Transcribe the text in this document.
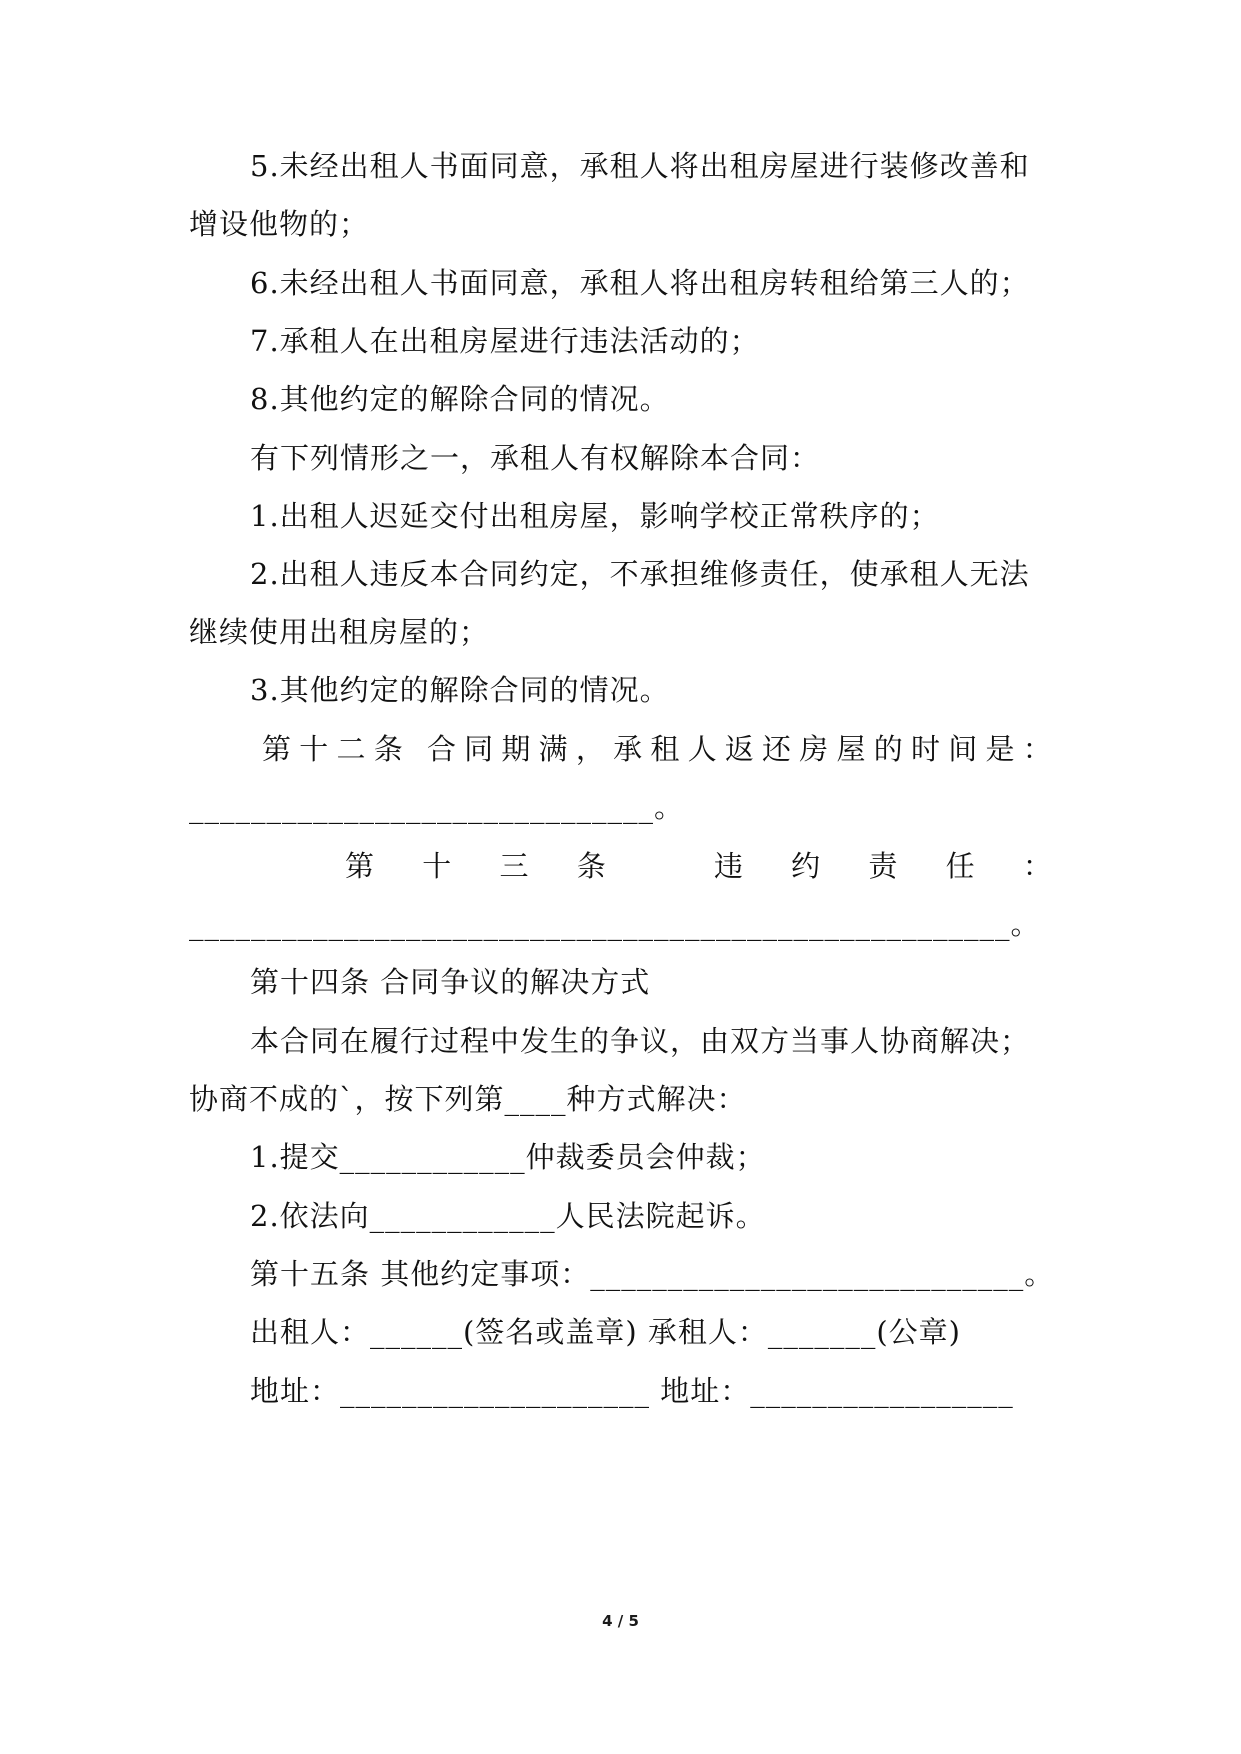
5.未经出租人书面同意，承租人将出租房屋进行装修改善和
增设他物的；
6.未经出租人书面同意，承租人将出租房转租给第三人的；
7.承租人在出租房屋进行违法活动的；
8.其他约定的解除合同的情况。
有下列情形之一，承租人有权解除本合同：
1.出租人迟延交付出租房屋，影响学校正常秩序的；
2.出租人违反本合同约定，不承担维修责任，使承租人无法
继续使用出租房屋的；
3.其他约定的解除合同的情况。
第 十 二 条 合 同 期 满 ， 承 租 人 返 还 房 屋 的 时 间 是 ：
______________________________。
第 十 三 条	违 约 责 任 ：
_____________________________________________________。
第十四条 合同争议的解决方式
本合同在履行过程中发生的争议，由双方当事人协商解决；
协商不成的`，按下列第____种方式解决：
1.提交____________仲裁委员会仲裁；
2.依法向____________人民法院起诉。
第十五条 其他约定事项：____________________________。
出租人：______(签名或盖章) 承租人：_______(公章)
地址：____________________ 地址：_________________
4 / 5
